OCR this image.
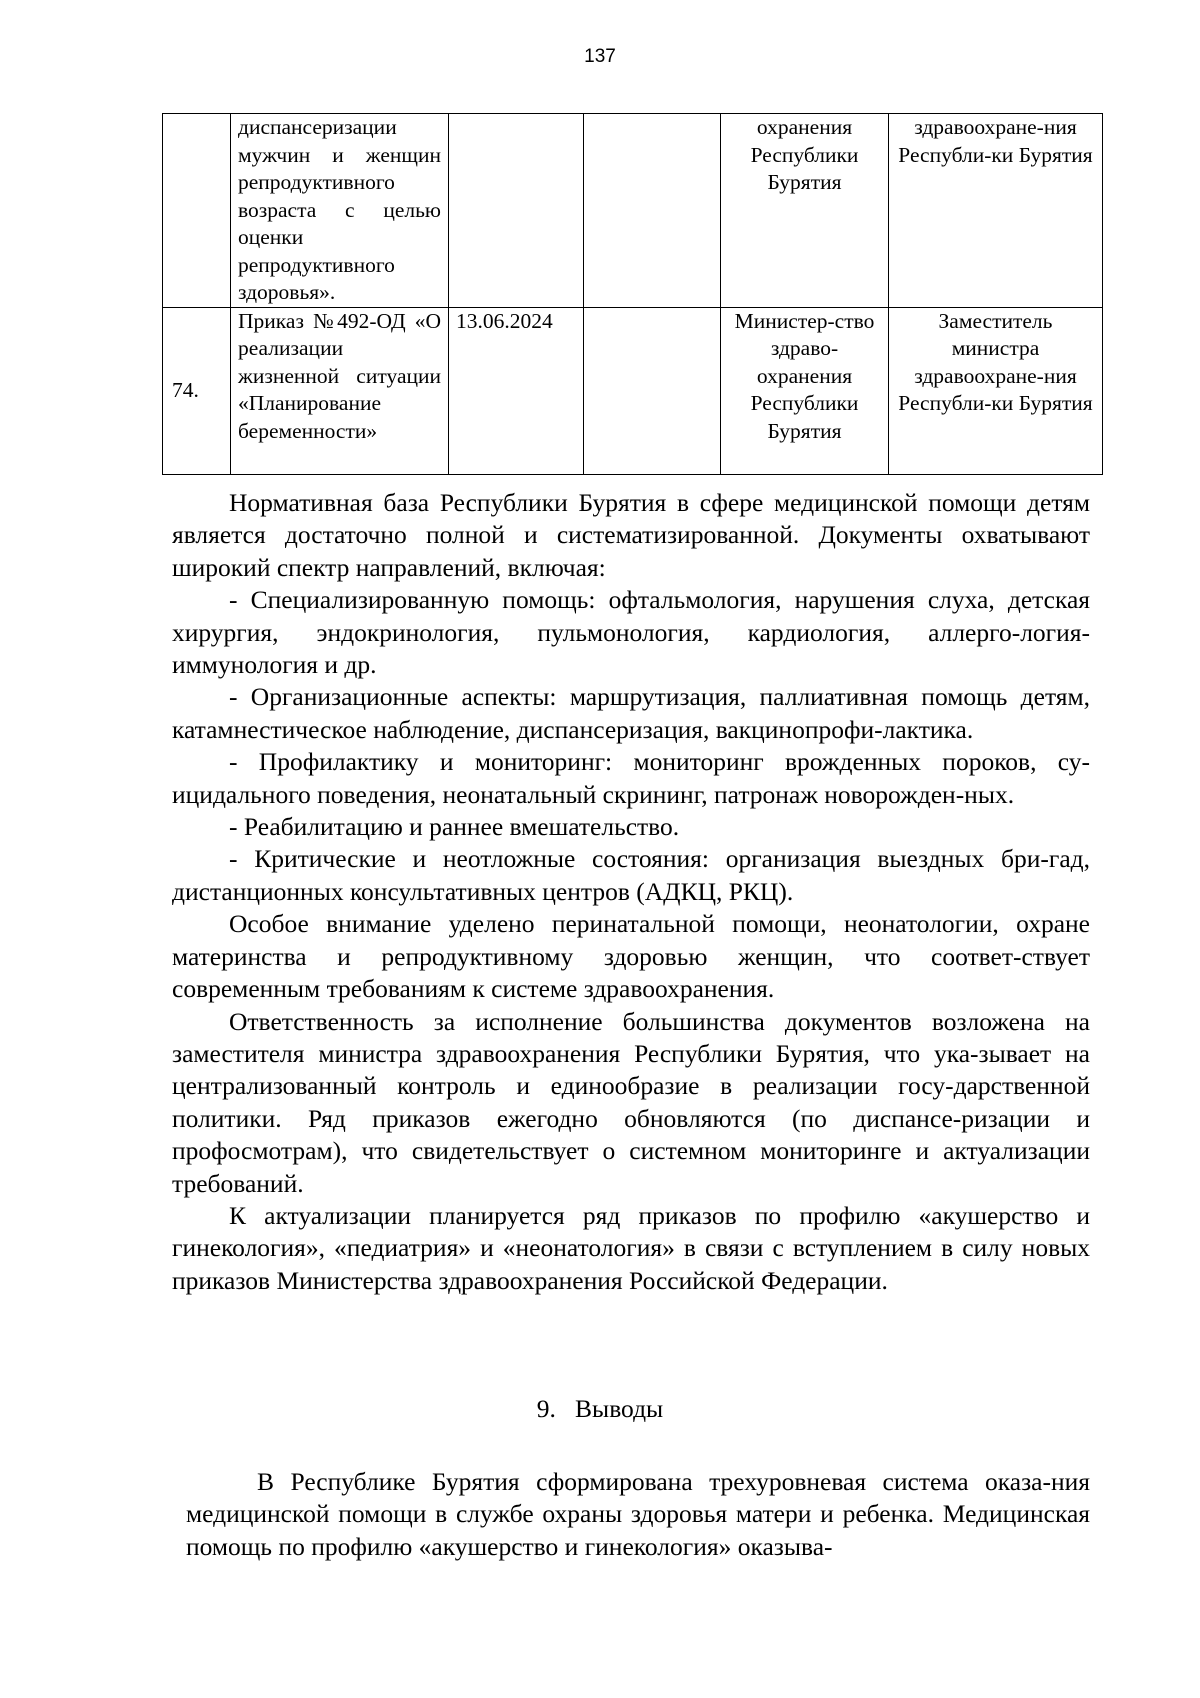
137
	диспансеризации мужчин и женщин репродуктивного возраста с целью оценки репродуктивного здоровья».			охранения Республики Бурятия	здравоохране-ния Республи-ки Бурятия
74.	Приказ №492-ОД «О реализации жизненной ситуации «Планирование беременности»	13.06.2024		Министер-ство здраво-охранения Республики Бурятия	Заместитель министра здравоохране-ния Республи-ки Бурятия

Нормативная база Республики Бурятия в сфере медицинской помощи детям является достаточно полной и систематизированной. Документы охватывают широкий спектр направлений, включая:

- Специализированную помощь: офтальмология, нарушения слуха, детская хирургия, эндокринология, пульмонология, кардиология, аллерго-логия-иммунология и др.

- Организационные аспекты: маршрутизация, паллиативная помощь детям, катамнестическое наблюдение, диспансеризация, вакцинопрофи-лактика.

- Профилактику и мониторинг: мониторинг врожденных пороков, су-ицидального поведения, неонатальный скрининг, патронаж новорожден-ных.

- Реабилитацию и раннее вмешательство.

- Критические и неотложные состояния: организация выездных бри-гад, дистанционных консультативных центров (АДКЦ, РКЦ).

Особое внимание уделено перинатальной помощи, неонатологии, охране материнства и репродуктивному здоровью женщин, что соответ-ствует современным требованиям к системе здравоохранения.

Ответственность за исполнение большинства документов возложена на заместителя министра здравоохранения Республики Бурятия, что ука-зывает на централизованный контроль и единообразие в реализации госу-дарственной политики. Ряд приказов ежегодно обновляются (по диспансе-ризации и профосмотрам), что свидетельствует о системном мониторинге и актуализации требований.

К актуализации планируется ряд приказов по профилю «акушерство и гинекология», «педиатрия» и «неонатология» в связи с вступлением в силу новых приказов Министерства здравоохранения Российской Федерации.

9. Выводы

В Республике Бурятия сформирована трехуровневая система оказа-ния медицинской помощи в службе охраны здоровья матери и ребенка. Медицинская помощь по профилю «акушерство и гинекология» оказыва-
